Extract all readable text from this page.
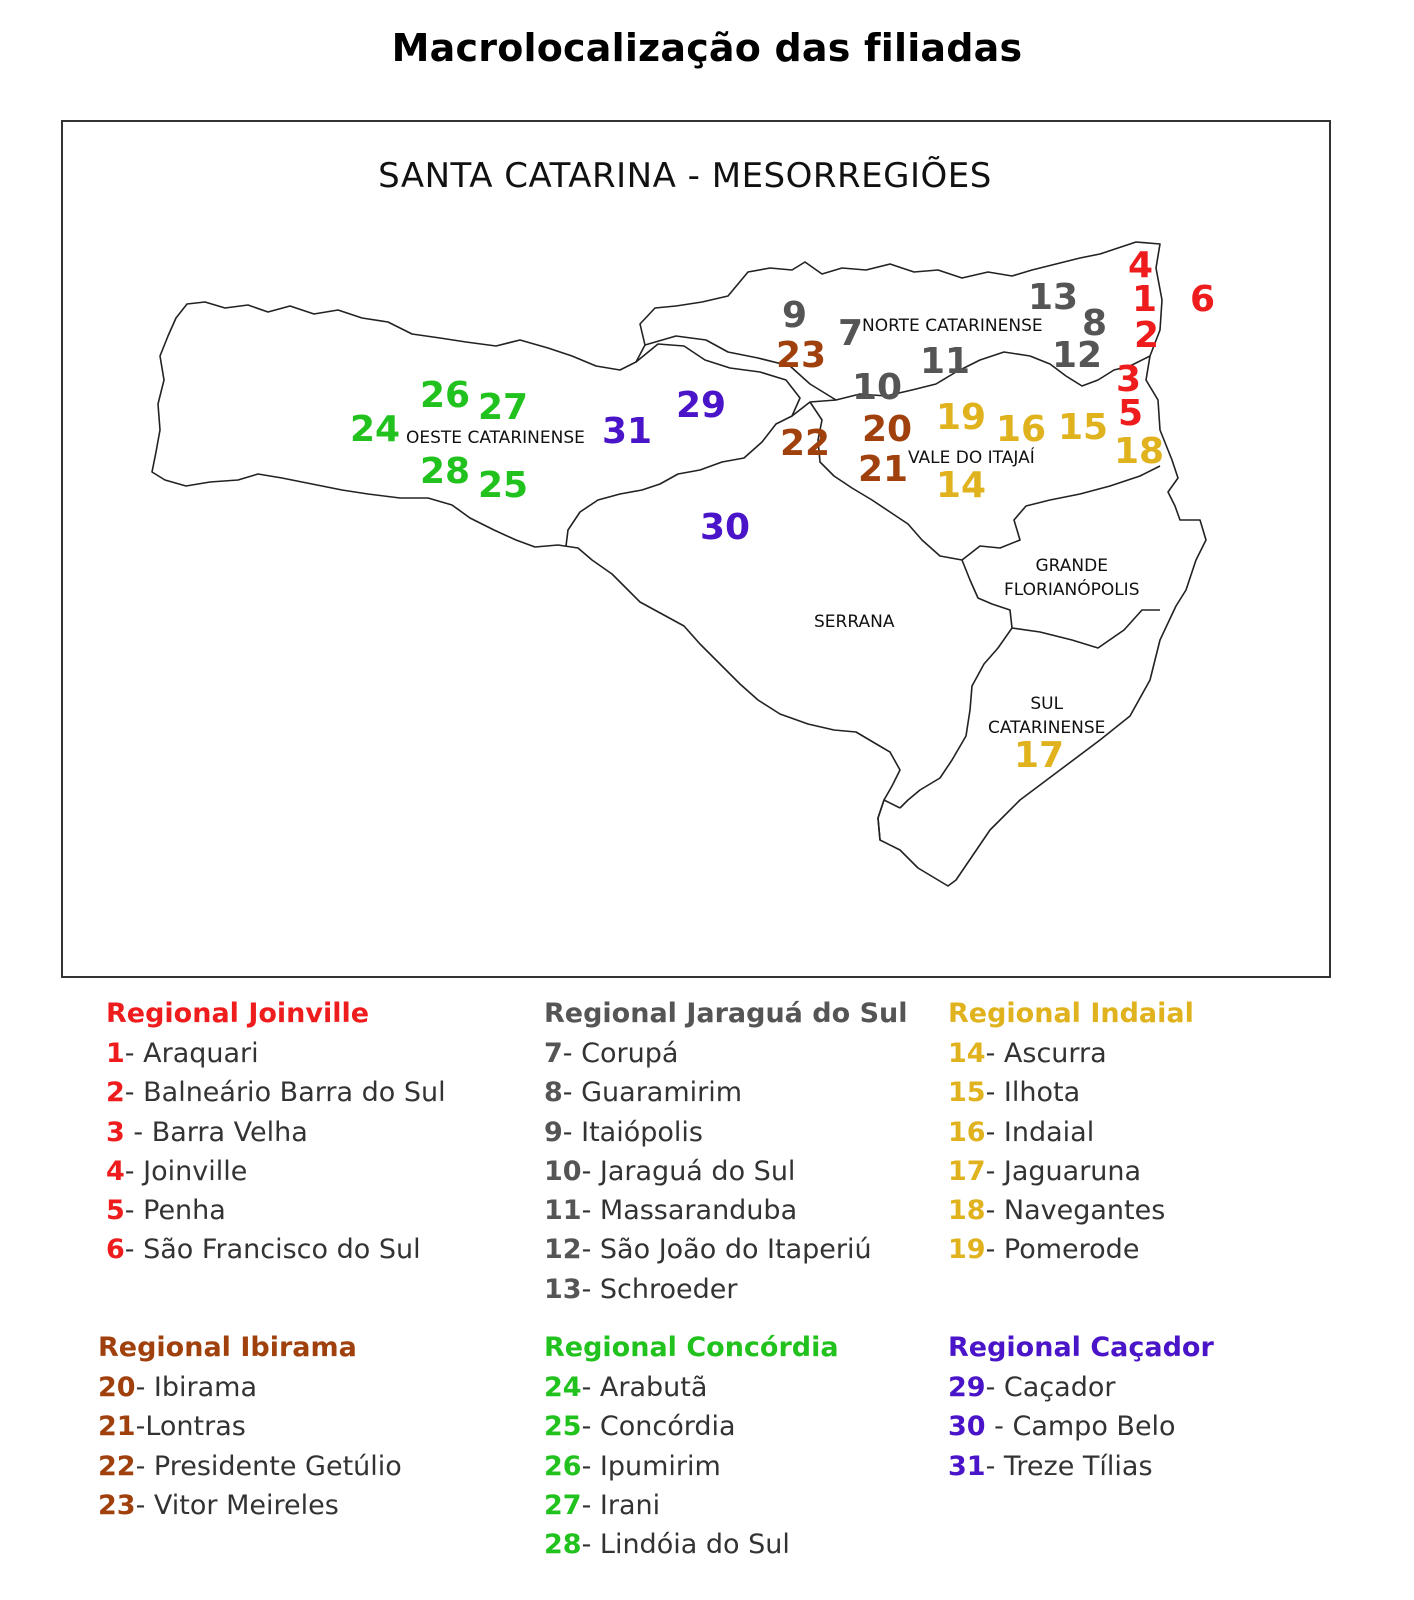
Macrolocalização das filiadas
SANTA CATARINA - MESORREGIÕES
OESTE CATARINENSE
NORTE CATARINENSE
VALE DO ITAJAÍ
SERRANA
GRANDE
FLORIANÓPOLIS
SUL
CATARINENSE
4
1 6
2
3
5
13
9	8
7
12
11
10
23
20
22
21
19 16 15
18
14
17
26 27
24
28 25
29
31
30
Regional Joinville
1- Araquari
2- Balneário Barra do Sul
3 - Barra Velha
4- Joinville
5- Penha
6- São Francisco do Sul
Regional Jaraguá do Sul
7- Corupá
8- Guaramirim
9- Itaiópolis
10- Jaraguá do Sul
11- Massaranduba
12- São João do Itaperiú
13- Schroeder
Regional Indaial
14- Ascurra
15- Ilhota
16- Indaial
17- Jaguaruna
18- Navegantes
19- Pomerode
Regional Ibirama
20- Ibirama
21-Lontras
22- Presidente Getúlio
23- Vitor Meireles
Regional Concórdia
24- Arabutã
25- Concórdia
26- Ipumirim
27- Irani
28- Lindóia do Sul
Regional Caçador
29- Caçador
30 - Campo Belo
31- Treze Tílias
